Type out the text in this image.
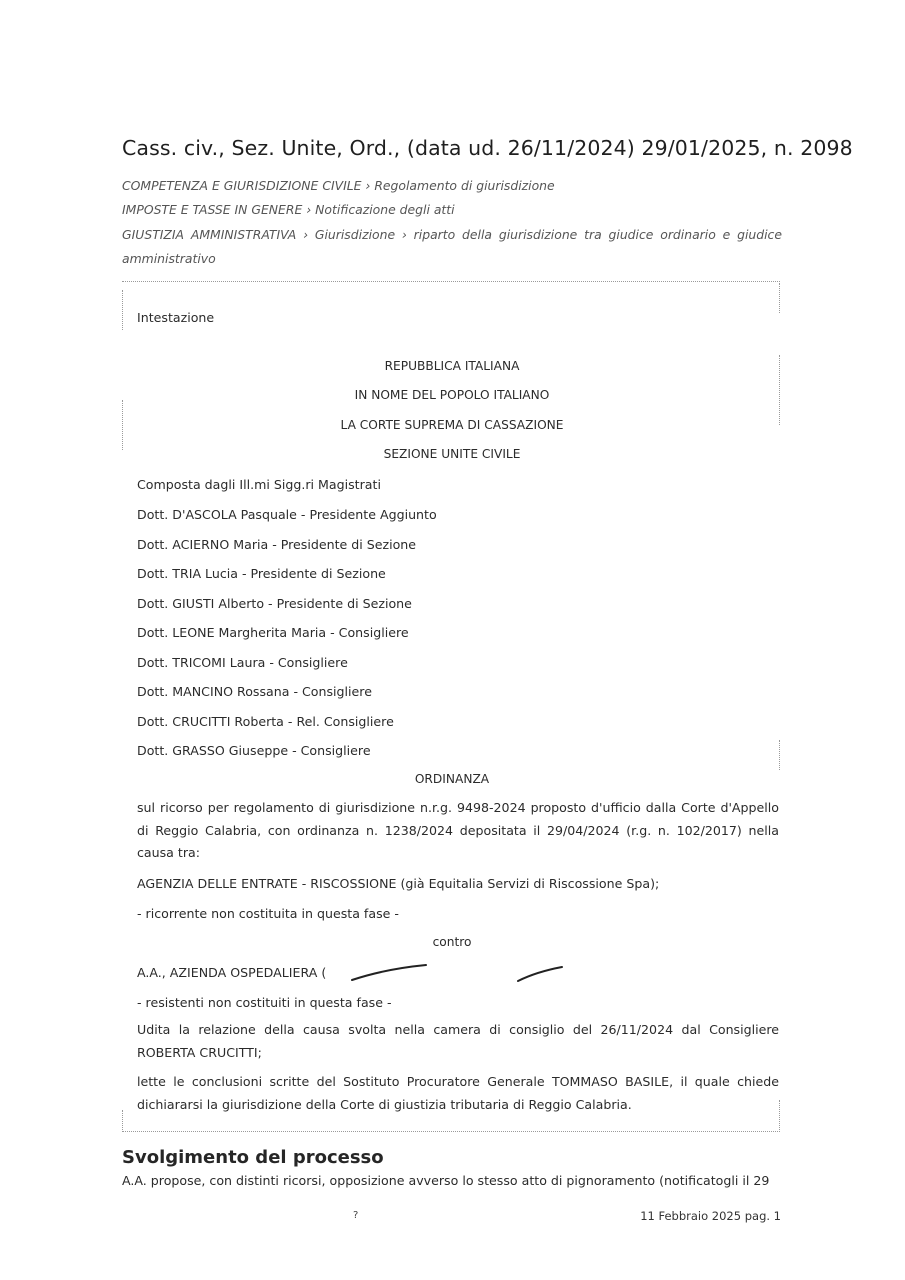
Cass. civ., Sez. Unite, Ord., (data ud. 26/11/2024) 29/01/2025, n. 2098
COMPETENZA E GIURISDIZIONE CIVILE › Regolamento di giurisdizione
IMPOSTE E TASSE IN GENERE › Notificazione degli atti
GIUSTIZIA AMMINISTRATIVA › Giurisdizione › riparto della giurisdizione tra giudice ordinario e giudice amministrativo
Intestazione
REPUBBLICA ITALIANA
IN NOME DEL POPOLO ITALIANO
LA CORTE SUPREMA DI CASSAZIONE
SEZIONE UNITE CIVILE
Composta dagli Ill.mi Sigg.ri Magistrati
Dott. D'ASCOLA Pasquale - Presidente Aggiunto
Dott. ACIERNO Maria - Presidente di Sezione
Dott. TRIA Lucia - Presidente di Sezione
Dott. GIUSTI Alberto - Presidente di Sezione
Dott. LEONE Margherita Maria - Consigliere
Dott. TRICOMI Laura - Consigliere
Dott. MANCINO Rossana - Consigliere
Dott. CRUCITTI Roberta - Rel. Consigliere
Dott. GRASSO Giuseppe - Consigliere
ORDINANZA
sul ricorso per regolamento di giurisdizione n.r.g. 9498-2024 proposto d'ufficio dalla Corte d'Appello di Reggio Calabria, con ordinanza n. 1238/2024 depositata il 29/04/2024 (r.g. n. 102/2017) nella causa tra:
AGENZIA DELLE ENTRATE - RISCOSSIONE (già Equitalia Servizi di Riscossione Spa);
- ricorrente non costituita in questa fase -
contro
A.A., AZIENDA OSPEDALIERA (
- resistenti non costituiti in questa fase -
Udita la relazione della causa svolta nella camera di consiglio del 26/11/2024 dal Consigliere ROBERTA CRUCITTI;
lette le conclusioni scritte del Sostituto Procuratore Generale TOMMASO BASILE, il quale chiede dichiararsi la giurisdizione della Corte di giustizia tributaria di Reggio Calabria.
Svolgimento del processo
A.A. propose, con distinti ricorsi, opposizione avverso lo stesso atto di pignoramento (notificatogli il 29
?	11 Febbraio 2025 pag. 1
